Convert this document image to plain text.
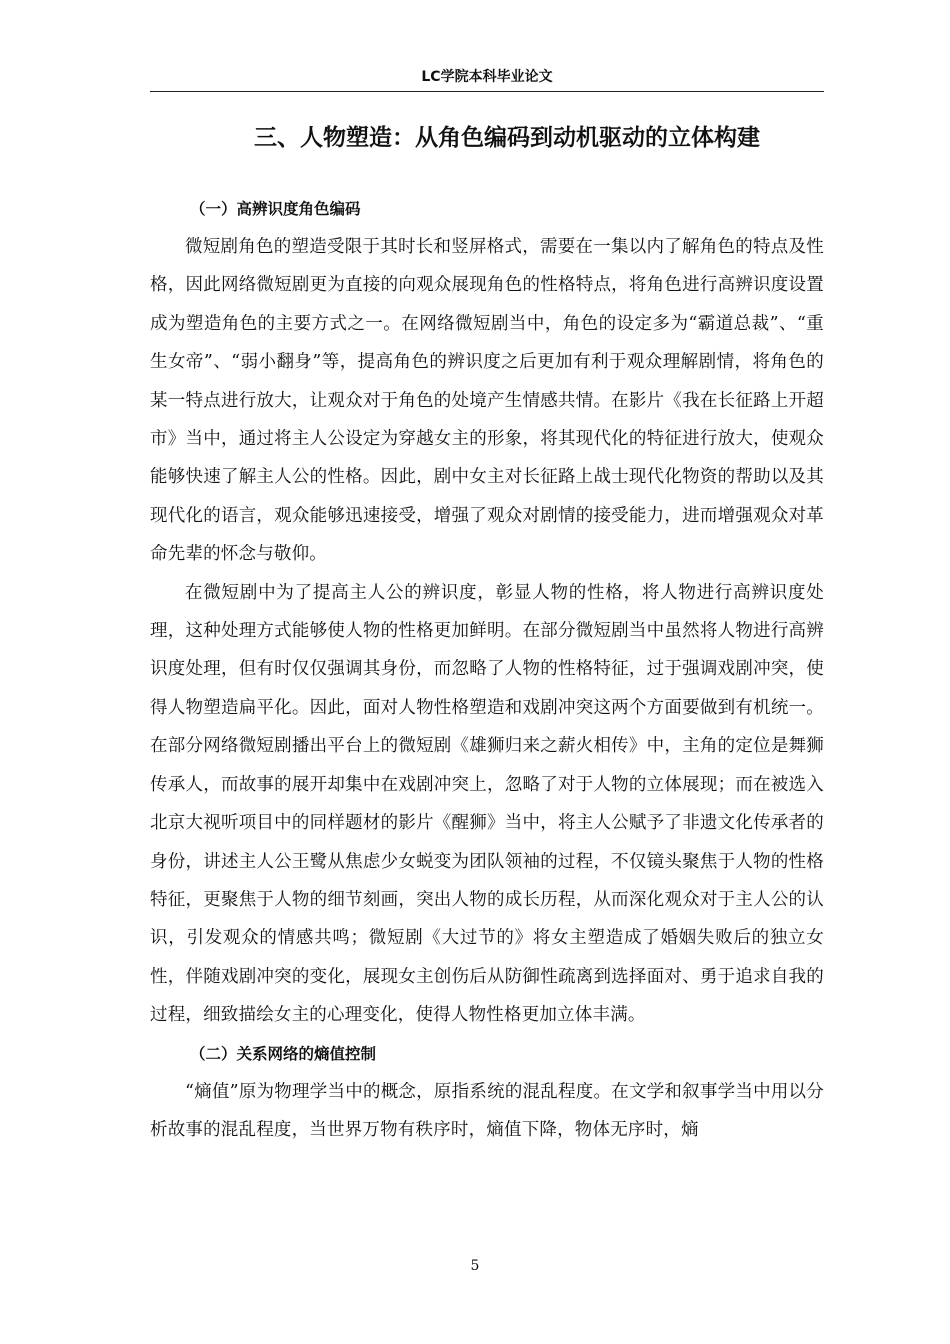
LC学院本科毕业论文
三、人物塑造：从角色编码到动机驱动的立体构建
（一）高辨识度角色编码

微短剧角色的塑造受限于其时长和竖屏格式，需要在一集以内了解角色的特点及性格，因此网络微短剧更为直接的向观众展现角色的性格特点，将角色进行高辨识度设置成为塑造角色的主要方式之一。在网络微短剧当中，角色的设定多为“霸道总裁”、“重生女帝”、“弱小翻身”等，提高角色的辨识度之后更加有利于观众理解剧情，将角色的某一特点进行放大，让观众对于角色的处境产生情感共情。在影片《我在长征路上开超市》当中，通过将主人公设定为穿越女主的形象，将其现代化的特征进行放大，使观众能够快速了解主人公的性格。因此，剧中女主对长征路上战士现代化物资的帮助以及其现代化的语言，观众能够迅速接受，增强了观众对剧情的接受能力，进而增强观众对革命先辈的怀念与敬仰。

在微短剧中为了提高主人公的辨识度，彰显人物的性格，将人物进行高辨识度处理，这种处理方式能够使人物的性格更加鲜明。在部分微短剧当中虽然将人物进行高辨识度处理，但有时仅仅强调其身份，而忽略了人物的性格特征，过于强调戏剧冲突，使得人物塑造扁平化。因此，面对人物性格塑造和戏剧冲突这两个方面要做到有机统一。在部分网络微短剧播出平台上的微短剧《雄狮归来之薪火相传》中，主角的定位是舞狮传承人，而故事的展开却集中在戏剧冲突上，忽略了对于人物的立体展现；而在被选入北京大视听项目中的同样题材的影片《醒狮》当中，将主人公赋予了非遗文化传承者的身份，讲述主人公王鹭从焦虑少女蜕变为团队领袖的过程，不仅镜头聚焦于人物的性格特征，更聚焦于人物的细节刻画，突出人物的成长历程，从而深化观众对于主人公的认识，引发观众的情感共鸣；微短剧《大过节的》将女主塑造成了婚姻失败后的独立女性，伴随戏剧冲突的变化，展现女主创伤后从防御性疏离到选择面对、勇于追求自我的过程，细致描绘女主的心理变化，使得人物性格更加立体丰满。

（二）关系网络的熵值控制

“熵值”原为物理学当中的概念，原指系统的混乱程度。在文学和叙事学当中用以分析故事的混乱程度，当世界万物有秩序时，熵值下降，物体无序时，熵

5
